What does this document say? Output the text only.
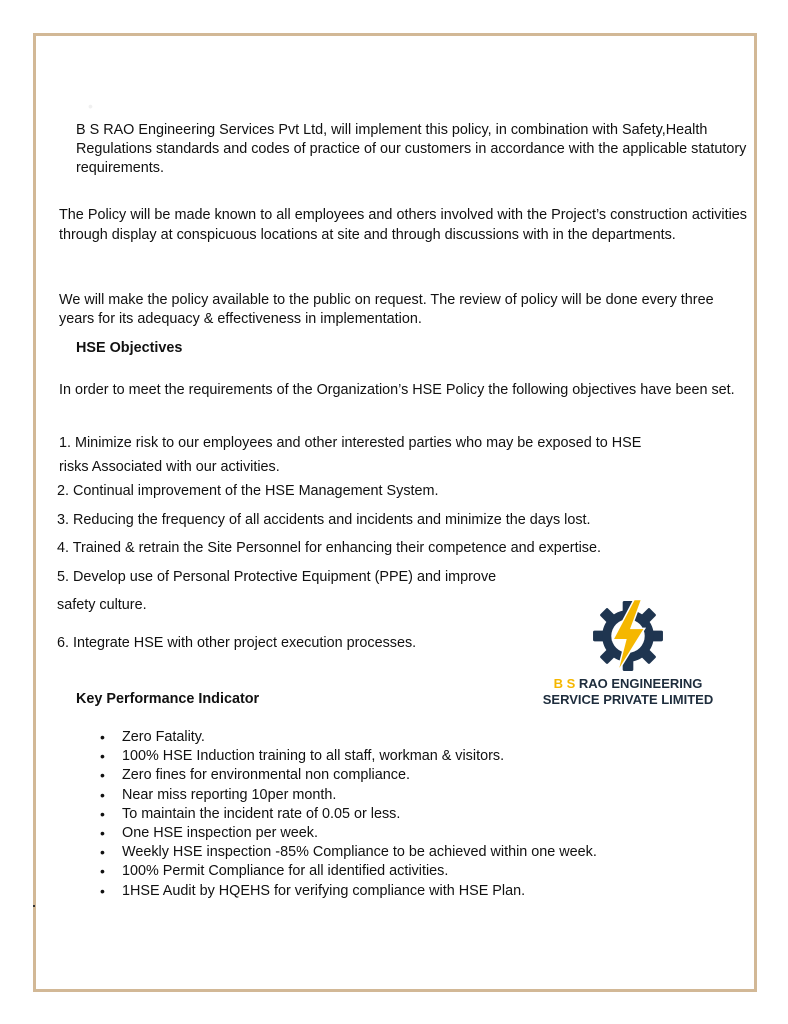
•
B S RAO Engineering Services Pvt Ltd, will implement this policy, in combination with Safety,Health Regulations standards and codes of practice of our customers in accordance with the applicable statutory requirements.
The Policy will be made known to all employees and others involved with the Project’s construction activities through display at conspicuous locations at site and through discussions with in the departments.
We will make the policy available to the public on request. The review of policy will be done every three years for its adequacy & effectiveness in implementation.
HSE Objectives
In order to meet the requirements of the Organization’s HSE Policy the following objectives have been set.
1. Minimize risk to our employees and other interested parties who may be exposed to HSE
risks Associated with our activities.
2. Continual improvement of the HSE Management System.
3. Reducing the frequency of all accidents and incidents and minimize the days lost.
4. Trained & retrain the Site Personnel for enhancing their competence and expertise.
5. Develop use of Personal Protective Equipment (PPE) and improve
safety culture.
6. Integrate HSE with other project execution processes.
Key Performance Indicator
• Zero Fatality.
• 100% HSE Induction training to all staff, workman & visitors.
• Zero fines for environmental non compliance.
• Near miss reporting 10per month.
• To maintain the incident rate of 0.05 or less.
• One HSE inspection per week.
• Weekly HSE inspection -85% Compliance to be achieved within one week.
• 100% Permit Compliance for all identified activities.
• 1HSE Audit by HQEHS for verifying compliance with HSE Plan.
B S RAO ENGINEERING
SERVICE PRIVATE LIMITED
